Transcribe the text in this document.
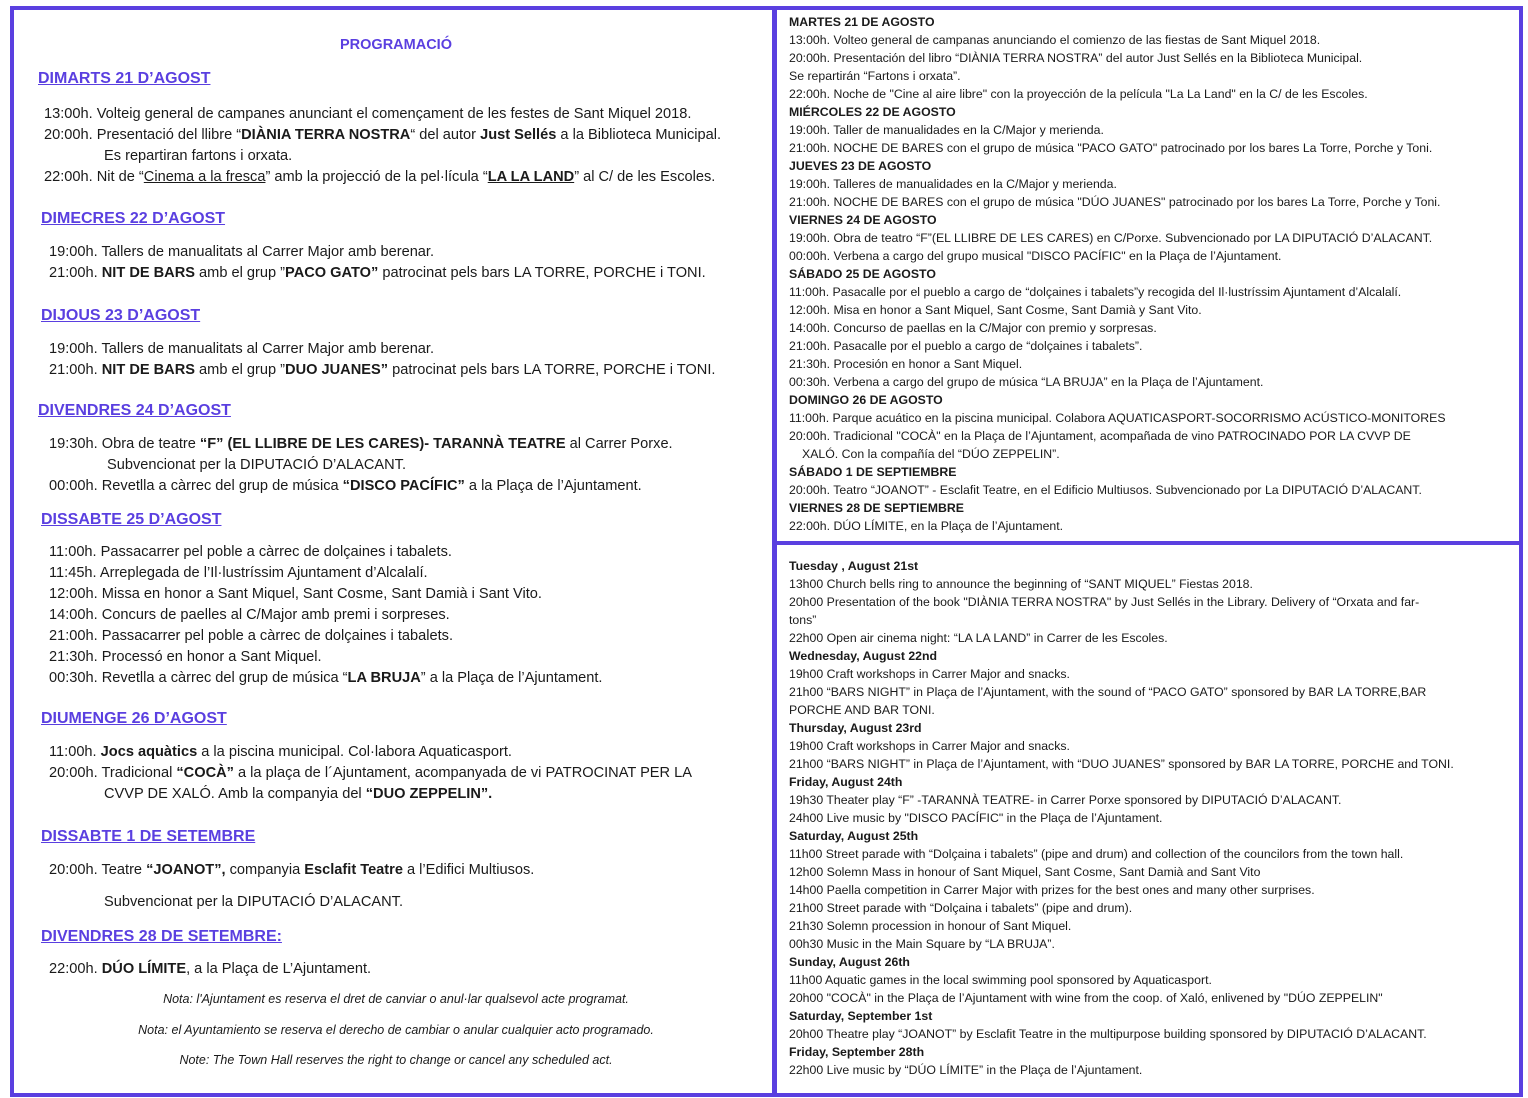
PROGRAMACIÓ
DIMARTS 21 D’AGOST
13:00h. Volteig general de campanes anunciant el començament de les festes de Sant Miquel 2018.
20:00h. Presentació del llibre “DIÀNIA TERRA NOSTRA“ del autor Just Sellés a la Biblioteca Municipal.
Es repartiran fartons i orxata.
22:00h. Nit de “Cinema a la fresca” amb la projecció de la pel·lícula “LA LA LAND” al C/ de les Escoles.
DIMECRES 22 D’AGOST
19:00h. Tallers de manualitats al Carrer Major amb berenar.
21:00h. NIT DE BARS amb el grup ”PACO GATO” patrocinat pels bars LA TORRE, PORCHE i TONI.
DIJOUS 23 D’AGOST
19:00h. Tallers de manualitats al Carrer Major amb berenar.
21:00h. NIT DE BARS amb el grup ”DUO JUANES” patrocinat pels bars LA TORRE, PORCHE i TONI.
DIVENDRES 24 D’AGOST
19:30h. Obra de teatre “F” (EL LLIBRE DE LES CARES)- TARANNÀ TEATRE al Carrer Porxe.
Subvencionat per la DIPUTACIÓ D’ALACANT.
00:00h. Revetlla a càrrec del grup de música “DISCO PACÍFIC” a la Plaça de l’Ajuntament.
DISSABTE 25 D’AGOST
11:00h. Passacarrer pel poble a càrrec de dolçaines i tabalets.
11:45h. Arreplegada de l’Il·lustríssim Ajuntament d’Alcalalí.
12:00h. Missa en honor a Sant Miquel, Sant Cosme, Sant Damià i Sant Vito.
14:00h. Concurs de paelles al C/Major amb premi i sorpreses.
21:00h. Passacarrer pel poble a càrrec de dolçaines i tabalets.
21:30h. Processó en honor a Sant Miquel.
00:30h. Revetlla a càrrec del grup de música “LA BRUJA” a la Plaça de l’Ajuntament.
DIUMENGE 26 D’AGOST
11:00h. Jocs aquàtics a la piscina municipal. Col·labora Aquaticasport.
20:00h. Tradicional “COCÀ” a la plaça de l´Ajuntament, acompanyada de vi PATROCINAT PER LA
CVVP DE XALÓ. Amb la companyia del “DUO ZEPPELIN”.
DISSABTE 1 DE SETEMBRE
20:00h. Teatre “JOANOT”, companyia Esclafit Teatre a l’Edifici Multiusos.
Subvencionat per la DIPUTACIÓ D’ALACANT.
DIVENDRES 28 DE SETEMBRE:
22:00h. DÚO LÍMITE, a la Plaça de L’Ajuntament.
Nota: l'Ajuntament es reserva el dret de canviar o anul·lar qualsevol acte programat.
Nota: el Ayuntamiento se reserva el derecho de cambiar o anular cualquier acto programado.
Note: The Town Hall reserves the right to change or cancel any scheduled act.
MARTES 21 DE AGOSTO
13:00h. Volteo general de campanas anunciando el comienzo de las fiestas de Sant Miquel 2018.
20:00h. Presentación del libro “DIÀNIA TERRA NOSTRA” del autor Just Sellés en la Biblioteca Municipal.
Se repartirán “Fartons i orxata”.
22:00h. Noche de "Cine al aire libre" con la proyección de la película "La La Land" en la C/ de les Escoles.
MIÉRCOLES 22 DE AGOSTO
19:00h. Taller de manualidades en la C/Major y merienda.
21:00h. NOCHE DE BARES con el grupo de música "PACO GATO" patrocinado por los bares La Torre, Porche y Toni.
JUEVES 23 DE AGOSTO
19:00h. Talleres de manualidades en la C/Major y merienda.
21:00h. NOCHE DE BARES con el grupo de música "DÚO JUANES" patrocinado por los bares La Torre, Porche y Toni.
VIERNES 24 DE AGOSTO
19:00h. Obra de teatro “F”(EL LLIBRE DE LES CARES) en C/Porxe. Subvencionado por LA DIPUTACIÓ D’ALACANT.
00:00h. Verbena a cargo del grupo musical "DISCO PACÍFIC" en la Plaça de l’Ajuntament.
SÁBADO 25 DE AGOSTO
11:00h. Pasacalle por el pueblo a cargo de “dolçaines i tabalets”y recogida del Il·lustríssim Ajuntament d’Alcalalí.
12:00h. Misa en honor a Sant Miquel, Sant Cosme, Sant Damià y Sant Vito.
14:00h. Concurso de paellas en la C/Major con premio y sorpresas.
21:00h. Pasacalle por el pueblo a cargo de “dolçaines i tabalets”.
21:30h. Procesión en honor a Sant Miquel.
00:30h. Verbena a cargo del grupo de música “LA BRUJA” en la Plaça de l’Ajuntament.
DOMINGO 26 DE AGOSTO
11:00h. Parque acuático en la piscina municipal. Colabora AQUATICASPORT-SOCORRISMO ACÚSTICO-MONITORES
20:00h. Tradicional "COCÀ" en la Plaça de l’Ajuntament, acompañada de vino PATROCINADO POR LA CVVP DE
XALÓ. Con la compañía del “DÚO ZEPPELIN”.
SÁBADO 1 DE SEPTIEMBRE
20:00h. Teatro “JOANOT” - Esclafit Teatre, en el Edificio Multiusos. Subvencionado por La DIPUTACIÓ D’ALACANT.
VIERNES 28 DE SEPTIEMBRE
22:00h. DÚO LÍMITE, en la Plaça de l’Ajuntament.
Tuesday , August 21st
13h00 Church bells ring to announce the beginning of “SANT MIQUEL” Fiestas 2018.
20h00 Presentation of the book "DIÀNIA TERRA NOSTRA" by Just Sellés in the Library. Delivery of “Orxata and far-
tons”
22h00 Open air cinema night: “LA LA LAND” in Carrer de les Escoles.
Wednesday, August 22nd
19h00 Craft workshops in Carrer Major and snacks.
21h00 “BARS NIGHT” in Plaça de l’Ajuntament, with the sound of “PACO GATO” sponsored by BAR LA TORRE,BAR
PORCHE AND BAR TONI.
Thursday, August 23rd
19h00 Craft workshops in Carrer Major and snacks.
21h00 “BARS NIGHT” in Plaça de l’Ajuntament, with “DUO JUANES” sponsored by BAR LA TORRE, PORCHE and TONI.
Friday, August 24th
19h30 Theater play “F” -TARANNÀ TEATRE- in Carrer Porxe sponsored by DIPUTACIÓ D’ALACANT.
24h00 Live music by "DISCO PACÍFIC" in the Plaça de l’Ajuntament.
Saturday, August 25th
11h00 Street parade with “Dolçaina i tabalets” (pipe and drum) and collection of the councilors from the town hall.
12h00 Solemn Mass in honour of Sant Miquel, Sant Cosme, Sant Damià and Sant Vito
14h00 Paella competition in Carrer Major with prizes for the best ones and many other surprises.
21h00 Street parade with “Dolçaina i tabalets” (pipe and drum).
21h30 Solemn procession in honour of Sant Miquel.
00h30 Music in the Main Square by “LA BRUJA”.
Sunday, August 26th
11h00 Aquatic games in the local swimming pool sponsored by Aquaticasport.
20h00 "COCÀ" in the Plaça de l’Ajuntament with wine from the coop. of Xaló, enlivened by "DÚO ZEPPELIN"
Saturday, September 1st
20h00 Theatre play “JOANOT” by Esclafit Teatre in the multipurpose building sponsored by DIPUTACIÓ D’ALACANT.
Friday, September 28th
22h00 Live music by “DÚO LÍMITE” in the Plaça de l’Ajuntament.
